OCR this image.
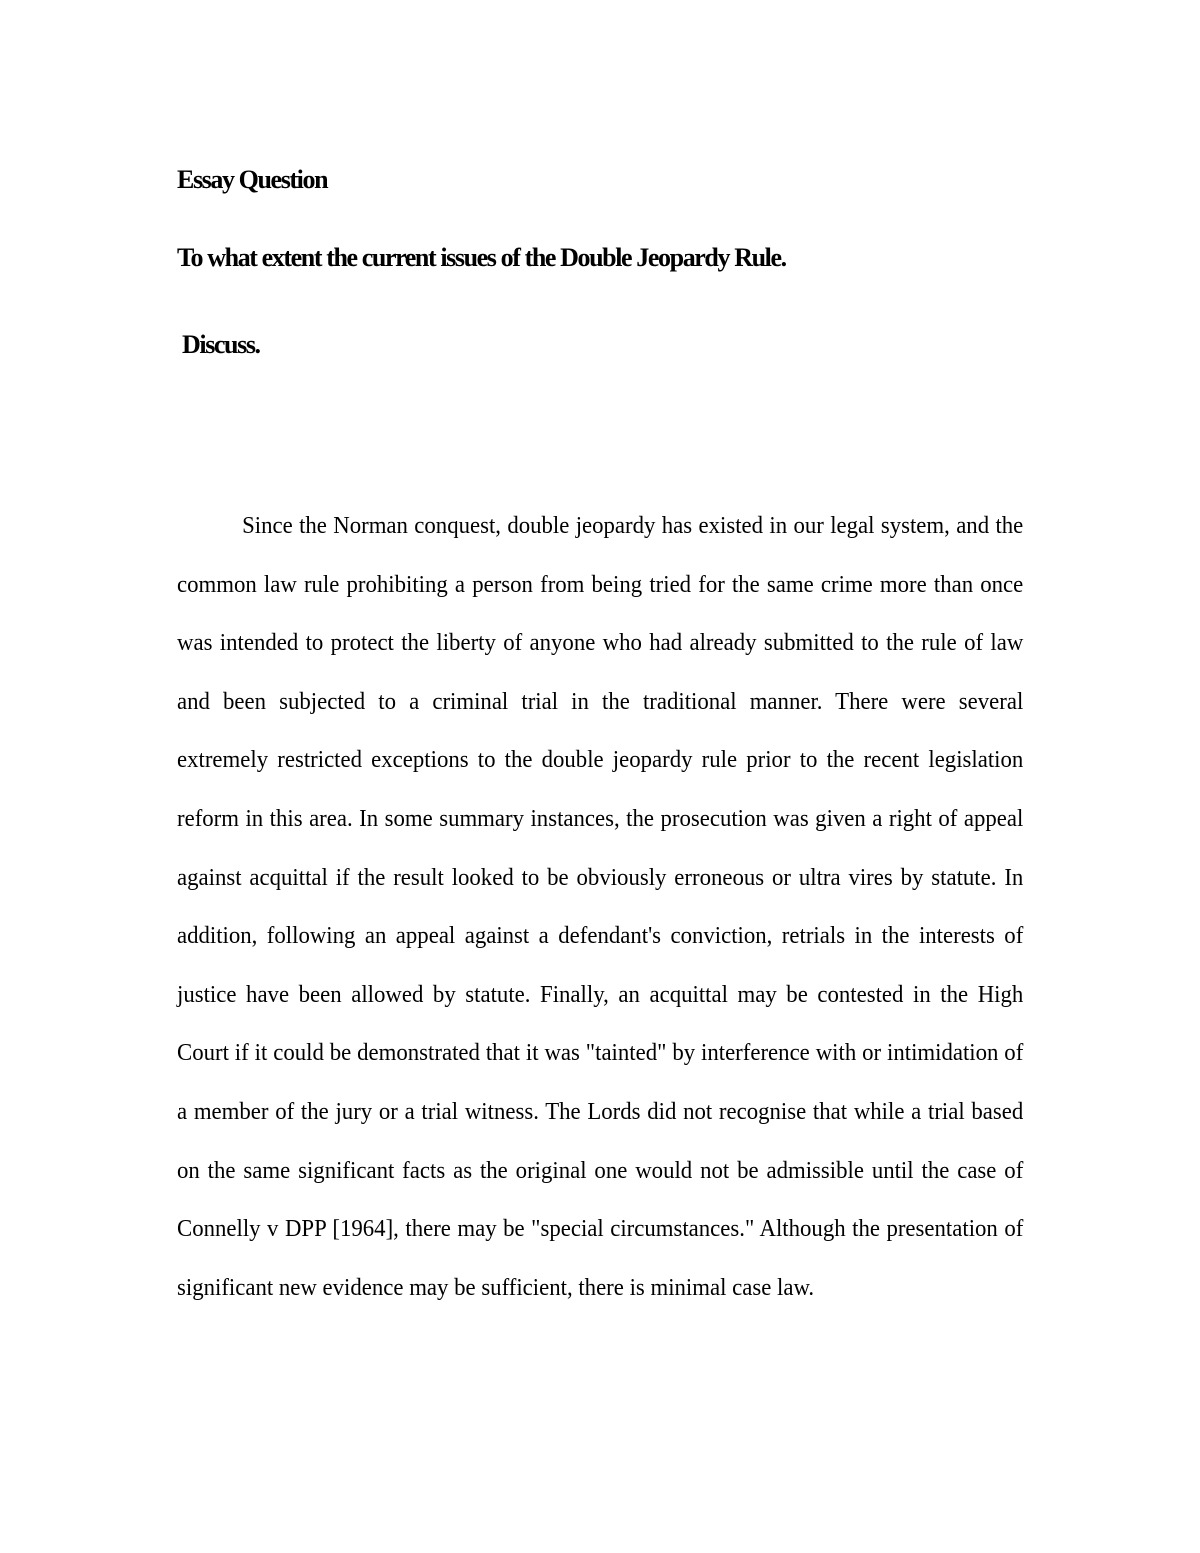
Essay Question

To what extent the current issues of the Double Jeopardy Rule.

Discuss.

Since the Norman conquest, double jeopardy has existed in our legal system, and the common law rule prohibiting a person from being tried for the same crime more than once was intended to protect the liberty of anyone who had already submitted to the rule of law and been subjected to a criminal trial in the traditional manner. There were several extremely restricted exceptions to the double jeopardy rule prior to the recent legislation reform in this area. In some summary instances, the prosecution was given a right of appeal against acquittal if the result looked to be obviously erroneous or ultra vires by statute. In addition, following an appeal against a defendant's conviction, retrials in the interests of justice have been allowed by statute. Finally, an acquittal may be contested in the High Court if it could be demonstrated that it was "tainted" by interference with or intimidation of a member of the jury or a trial witness. The Lords did not recognise that while a trial based on the same significant facts as the original one would not be admissible until the case of Connelly v DPP [1964], there may be "special circumstances." Although the presentation of significant new evidence may be sufficient, there is minimal case law.
